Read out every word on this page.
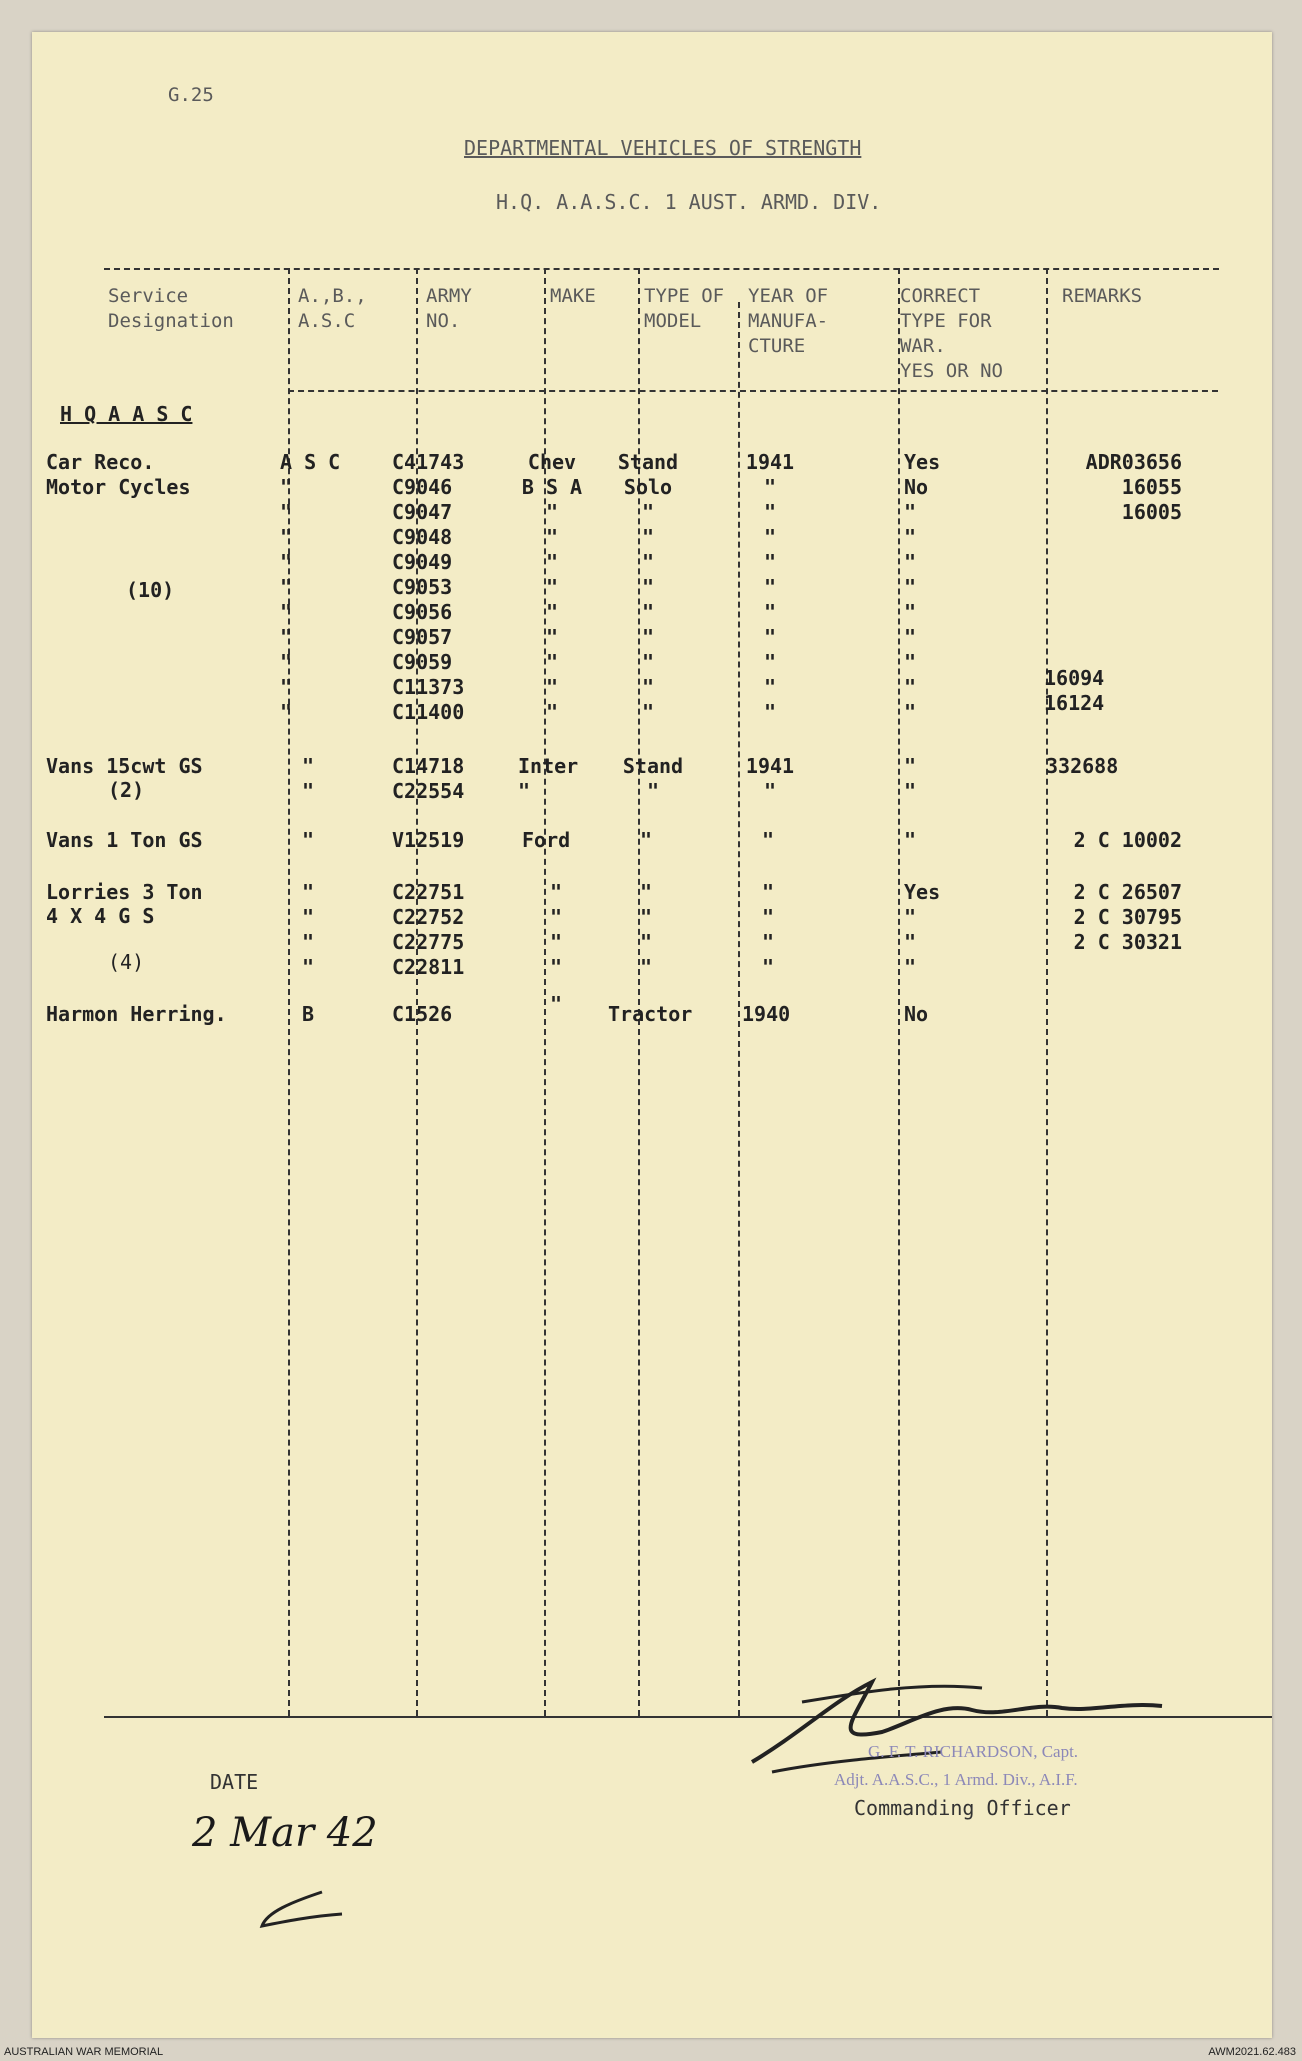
G.25
DEPARTMENTAL VEHICLES OF STRENGTH
H.Q. A.A.S.C. 1 AUST. ARMD. DIV.
Service
Designation
A.,B.,
A.S.C
ARMY
NO.
MAKE	TYPE OF
MODEL
YEAR OF
MANUFA-
CTURE
CORRECT
TYPE FOR
WAR.
YES OR NO
REMARKS
H Q A A S C
Car Reco.
Motor Cycles
(10)
Vans 15cwt GS
(2)
Vans 1 Ton GS
Lorries 3 Ton
4 X 4 G S
(4)
Harmon Herring.
A S C
"
"
"
"
"
"
"
"
"
"
"
"
"
"
"
"
"
B
C41743
C9046
C9047
C9048
C9049
C9053
C9056
C9057
C9059
C11373
C11400
C14718
C22554
V12519
C22751
C22752
C22775
C22811
C1526
Chev
B S A
"
"
"
"
"
"
"
"
"
Inter
"
Ford
"
"
"
"
"
Stand
Solo
"
"
"
"
"
"
"
"
"
Stand
"
"
"
"
"
"
Tractor
1941
"
"
"
"
"
"
"
"
"
"
1941
"
"
"
"
"
"
1940
Yes
No
"
"
"
"
"
"
"
"
"
"
"
"
Yes
"
"
"
No
ADR03656
16055
16005
16094
16124
332688
2 C 10002
2 C 26507
2 C 30795
2 C 30321
G. F. T. RICHARDSON, Capt.
Adjt. A.A.S.C., 1 Armd. Div., A.I.F.
Commanding Officer
DATE
2 Mar 42
AUSTRALIAN WAR MEMORIAL	AWM2021.62.483
